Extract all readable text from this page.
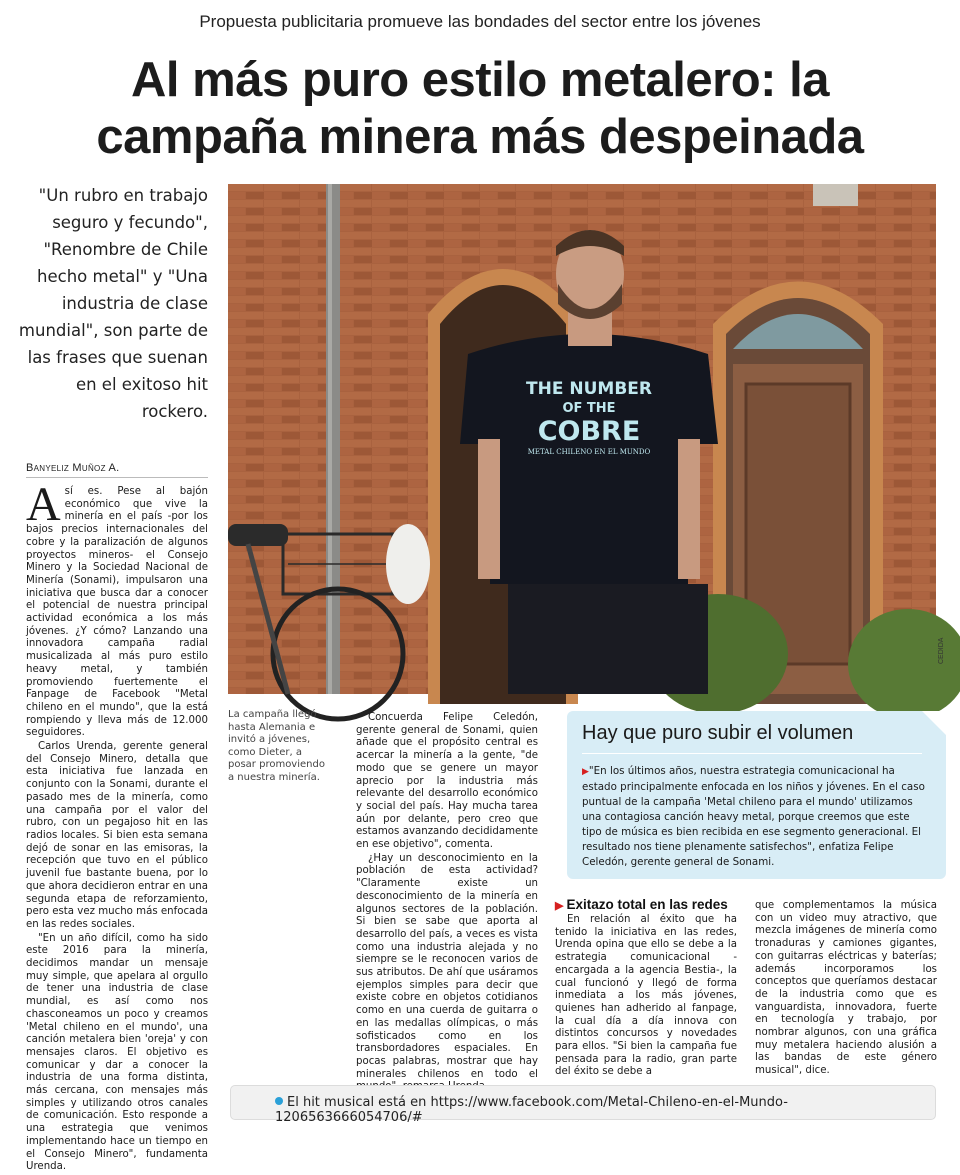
Propuesta publicitaria promueve las bondades del sector entre los jóvenes
Al más puro estilo metalero: la
campaña minera más despeinada
"Un rubro en trabajo seguro y fecundo", "Renombre de Chile hecho metal" y "Una industria de clase mundial", son parte de las frases que suenan en el exitoso hit rockero.
Banyeliz Muñoz A.
A sí es. Pese al bajón económico que vive la minería en el país -por los bajos precios internacionales del cobre y la paralización de algunos proyectos mineros- el Consejo Minero y la Sociedad Nacional de Minería (Sonami), impulsaron una iniciativa que busca dar a conocer el potencial de nuestra principal actividad económica a los más jóvenes. ¿Y cómo? Lanzando una innovadora campaña radial musicalizada al más puro estilo heavy metal, y también promoviendo fuertemente el Fanpage de Facebook "Metal chileno en el mundo", que la está rompiendo y lleva más de 12.000 seguidores.

Carlos Urenda, gerente general del Consejo Minero, detalla que esta iniciativa fue lanzada en conjunto con la Sonami, durante el pasado mes de la minería, como una campaña por el valor del rubro, con un pegajoso hit en las radios locales. Si bien esta semana dejó de sonar en las emisoras, la recepción que tuvo en el público juvenil fue bastante buena, por lo que ahora decidieron entrar en una segunda etapa de reforzamiento, pero esta vez mucho más enfocada en las redes sociales.

"En un año difícil, como ha sido este 2016 para la minería, decidimos mandar un mensaje muy simple, que apelara al orgullo de tener una industria de clase mundial, es así como nos chasconeamos un poco y creamos 'Metal chileno en el mundo', una canción metalera bien 'oreja' y con mensajes claros. El objetivo es comunicar y dar a conocer la industria de una forma distinta, más cercana, con mensajes más simples y utilizando otros canales de comunicación. Esto responde a una estrategia que venimos implementando hace un tiempo en el Consejo Minero", fundamenta Urenda.

THE NUMBER
OF THE
COBRE
METAL CHILENO EN EL MUNDO
CEDIDA
La campaña llegó hasta Alemania e invitó a jóvenes, como Dieter, a posar promoviendo a nuestra minería.

Concuerda Felipe Celedón, gerente general de Sonami, quien añade que el propósito central es acercar la minería a la gente, "de modo que se genere un mayor aprecio por la industria más relevante del desarrollo económico y social del país. Hay mucha tarea aún por delante, pero creo que estamos avanzando decididamente en ese objetivo", comenta.

¿Hay un desconocimiento en la población de esta actividad? "Claramente existe un desconocimiento de la minería en algunos sectores de la población. Si bien se sabe que aporta al desarrollo del país, a veces es vista como una industria alejada y no siempre se le reconocen varios de sus atributos. De ahí que usáramos ejemplos simples para decir que existe cobre en objetos cotidianos como en una cuerda de guitarra o en las medallas olímpicas, o más sofisticados como en los transbordadores espaciales. En pocas palabras, mostrar que hay minerales chilenos en todo el

Hay que puro subir el volumen
▶"En los últimos años, nuestra estrategia comunicacional ha estado principalmente enfocada en los niños y jóvenes. En el caso puntual de la campaña 'Metal chileno para el mundo' utilizamos una contagiosa canción heavy metal, porque creemos que este tipo de música es bien recibida en ese segmento generacional. El resultado nos tiene plenamente satisfechos", enfatiza Felipe Celedón, gerente general de Sonami.
▶ Exitazo total en las redes

En relación al éxito que ha tenido la iniciativa en las redes, Urenda opina que ello se debe a la estrategia comunicacional -encargada a la agencia Bestia-, la cual funcionó y llegó de forma inmediata a los más jóvenes, quienes han adherido al fanpage, la cual día a día innova con distintos concursos y novedades para ellos. "Si bien la campaña fue pensada para la radio, gran parte del éxito se debe a

que complementamos la música con un video muy atractivo, que mezcla imágenes de minería como tronaduras y camiones gigantes, con guitarras eléctricas y baterías; además incorporamos los conceptos que queríamos destacar de la industria como que es vanguardista, innovadora, fuerte en tecnología y trabajo, por nombrar algunos, con una gráfica muy metalera haciendo alusión a las bandas de este género musical", dice.

El hit musical está en https://www.facebook.com/Metal-Chileno-en-el-Mundo-1206563666054706/#
